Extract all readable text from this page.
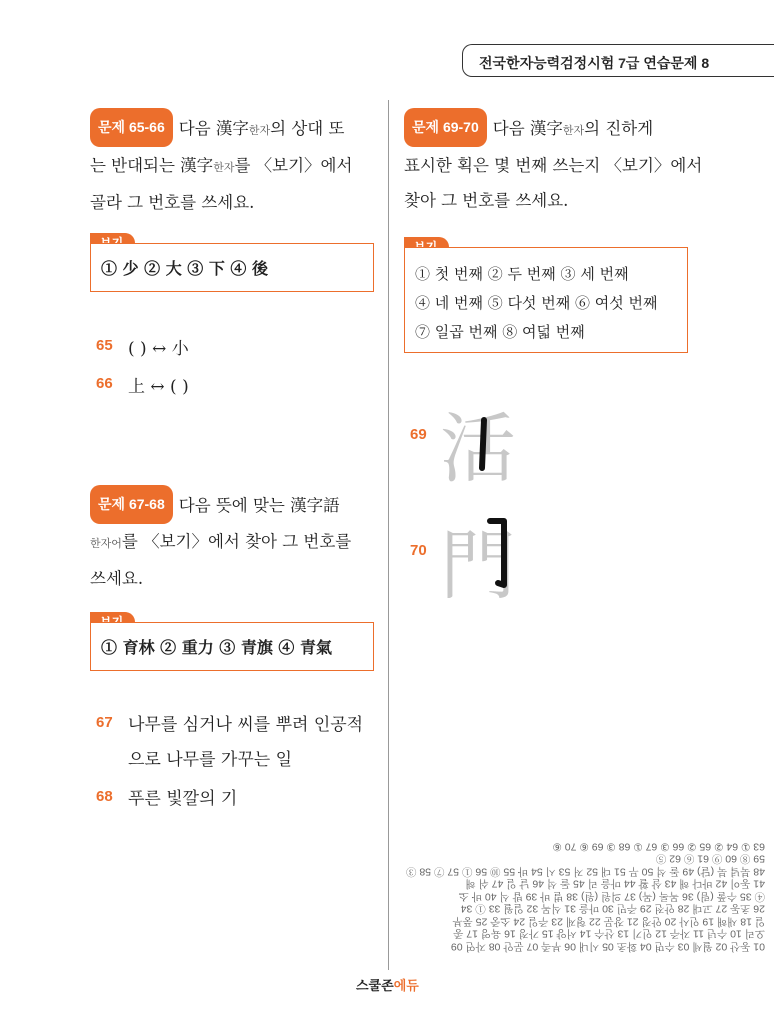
전국한자능력검정시험 7급 연습문제 8
문제 65-66 다음 漢字한자의 상대 또
는 반대되는 漢字한자를 〈보기〉에서
골라 그 번호를 쓰세요.
① 少 ② 大 ③ 下 ④ 後
65 ( ) ↔ 小
66 上 ↔ ( )
문제 67-68 다음 뜻에 맞는 漢字語
한자어를 〈보기〉에서 찾아 그 번호를
쓰세요.
① 育林 ② 重力 ③ 青旗 ④ 青氣
67 나무를 심거나 씨를 뿌려 인공적
으로 나무를 가꾸는 일
68 푸른 빛깔의 기
문제 69-70 다음 漢字한자의 진하게
표시한 획은 몇 번째 쓰는지 〈보기〉에서
찾아 그 번호를 쓰세요.
① 첫 번째 ② 두 번째 ③ 세 번째
④ 네 번째 ⑤ 다섯 번째 ⑥ 여섯 번째
⑦ 일곱 번째 ⑧ 여덟 번째
69 活
70 門
01 동산 02 월세 03 수면 04 화초 05 시내 06 부족 07 문안 08 자연 09
오리 10 수년 11 자주 12 인기 13 산수 14 서양 15 가정 16 육영 17 종
일 18 새해 19 인사 20 안정 21 장문 22 형제 23 주일 24 소중 25 풍부
26 초동 27 고대 28 안전 29 주민 30 마을 31 식목 32 일월 33 ① 34
④ 35 수풀 (림) 36 목록 (목) 37 의원 (원) 38 벌 바 39 밥 식 40 바 소
41 동이 42 바다 해 43 살 활 44 마을 리 45 돌 석 46 날 일 47 쉬 해
48 북녘 북 (달) 49 돌 석 50 무 51 대 52 저 53 시 54 바 55 ⑩ 56 ① 57 ⑦ 58 ③ 59 ⑧ 60 ⑨ 61 ⑥ 62 ⑤
63 ① 64 ② 65 ② 66 ③ 67 ① 68 ③ 69 ⑥ 70 ⑥
스쿨존에듀
